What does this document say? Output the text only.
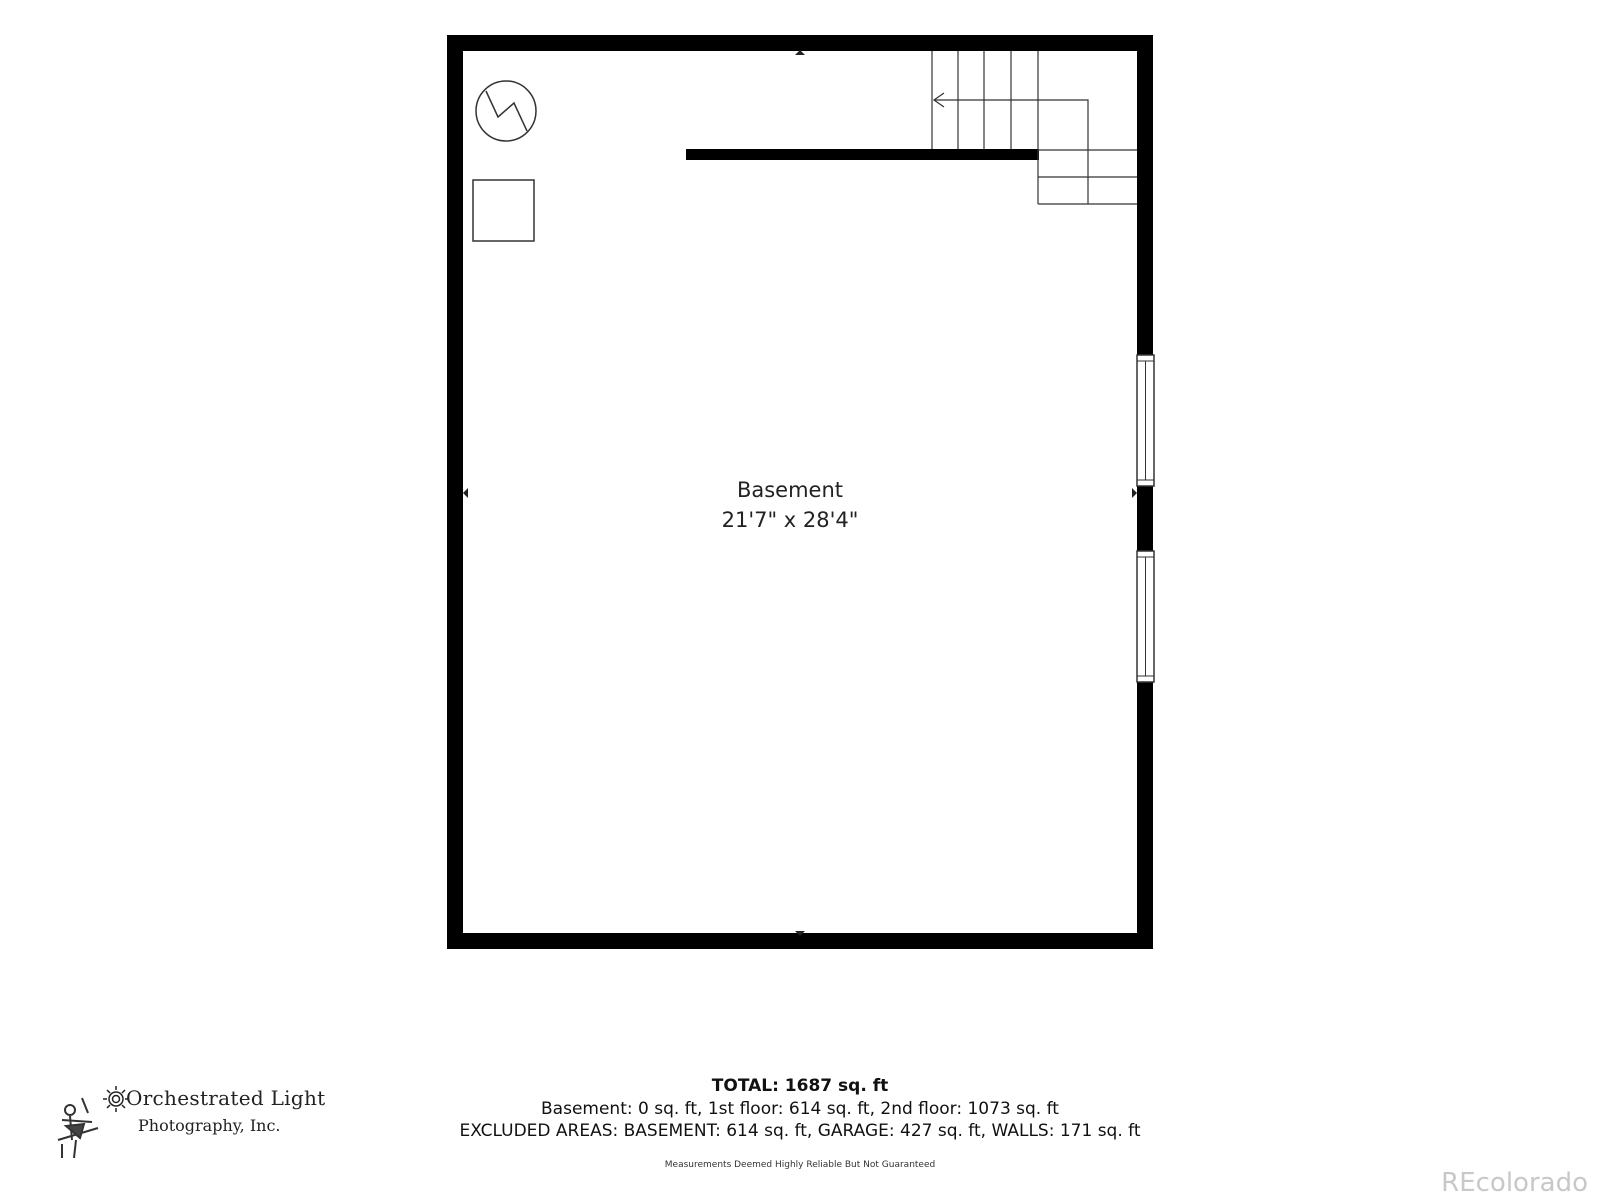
Basement
21'7" x 28'4"
TOTAL: 1687 sq. ft
Basement: 0 sq. ft, 1st floor: 614 sq. ft, 2nd floor: 1073 sq. ft
EXCLUDED AREAS: BASEMENT: 614 sq. ft, GARAGE: 427 sq. ft, WALLS: 171 sq. ft
Measurements Deemed Highly Reliable But Not Guaranteed
Orchestrated Light
Photography, Inc.
REcolorado
